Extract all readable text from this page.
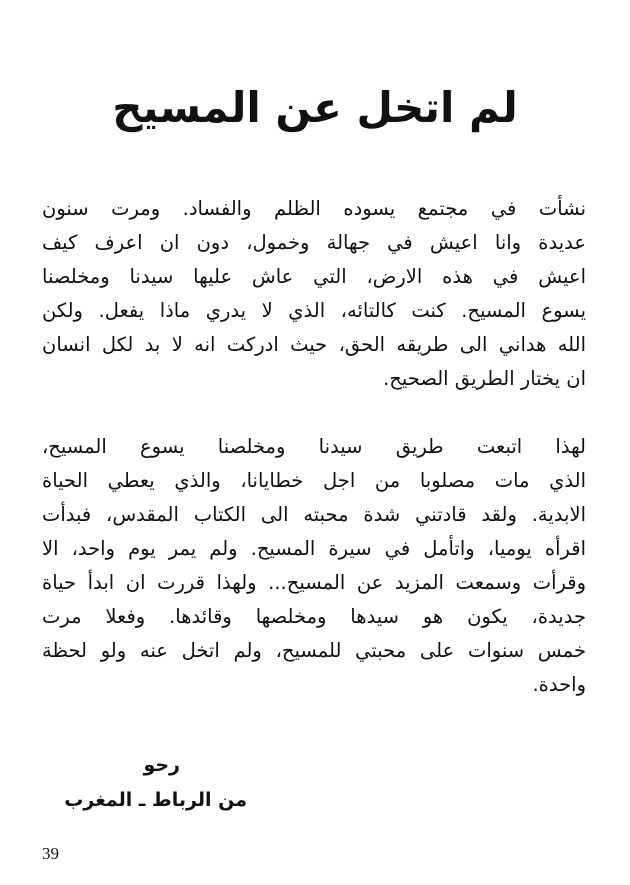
لم اتخل عن المسيح
نشأت في مجتمع يسوده الظلم والفساد. ومرت سنون
عديدة وانا اعيش في جهالة وخمول، دون ان اعرف كيف
اعيش في هذه الارض، التي عاش عليها سيدنا ومخلصنا
يسوع المسيح. كنت كالتائه، الذي لا يدري ماذا يفعل. ولكن
الله هداني الى طريقه الحق، حيث ادركت انه لا بد لكل انسان
ان يختار الطريق الصحيح.
لهذا اتبعت طريق سيدنا ومخلصنا يسوع المسيح،
الذي مات مصلوبا من اجل خطايانا، والذي يعطي الحياة
الابدية. ولقد قادتني شدة محبته الى الكتاب المقدس، فبدأت
اقرأه يوميا، واتأمل في سيرة المسيح. ولم يمر يوم واحد، الا
وقرأت وسمعت المزيد عن المسيح... ولهذا قررت ان ابدأ حياة
جديدة، يكون هو سيدها ومخلصها وقائدها. وفعلا مرت
خمس سنوات على محبتي للمسيح، ولم اتخل عنه ولو لحظة
واحدة.
رحو
من الرباط ـ المغرب
39
